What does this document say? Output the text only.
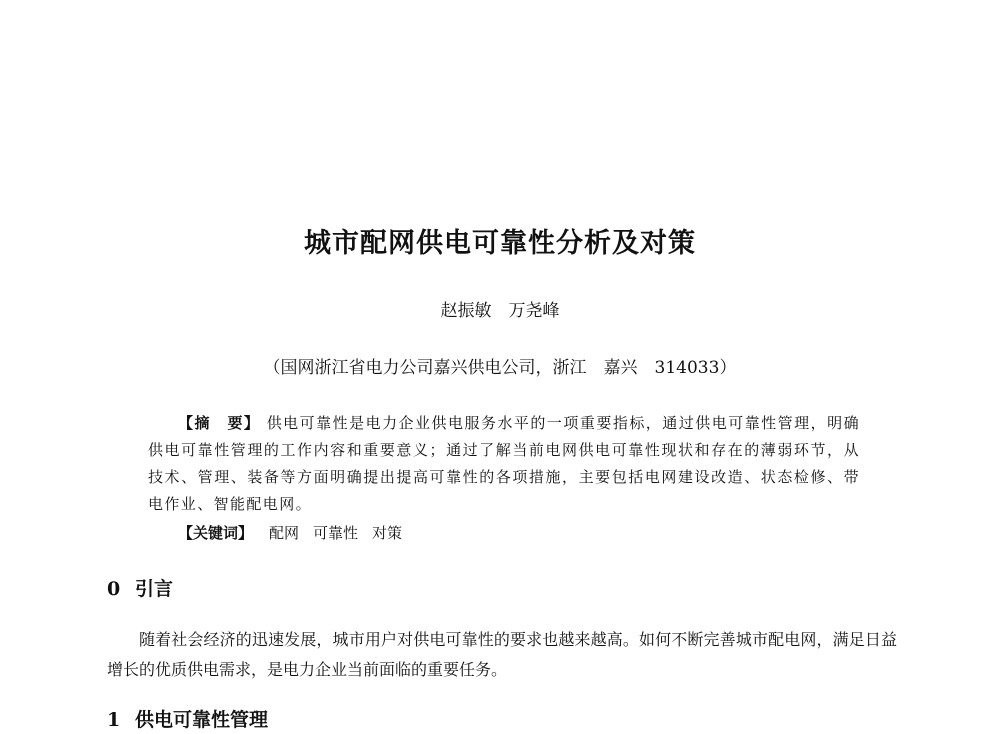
城市配网供电可靠性分析及对策
赵振敏　万尧峰
（国网浙江省电力公司嘉兴供电公司，浙江　嘉兴　314033）

【摘　要】 供电可靠性是电力企业供电服务水平的一项重要指标，通过供电可靠性管理，明确供电可靠性管理的工作内容和重要意义；通过了解当前电网供电可靠性现状和存在的薄弱环节，从技术、管理、装备等方面明确提出提高可靠性的各项措施，主要包括电网建设改造、状态检修、带电作业、智能配电网。

【关键词】 配网 可靠性 对策
0 引言

随着社会经济的迅速发展，城市用户对供电可靠性的要求也越来越高。如何不断完善城市配电网，满足日益增长的优质供电需求，是电力企业当前面临的重要任务。

1 供电可靠性管理
